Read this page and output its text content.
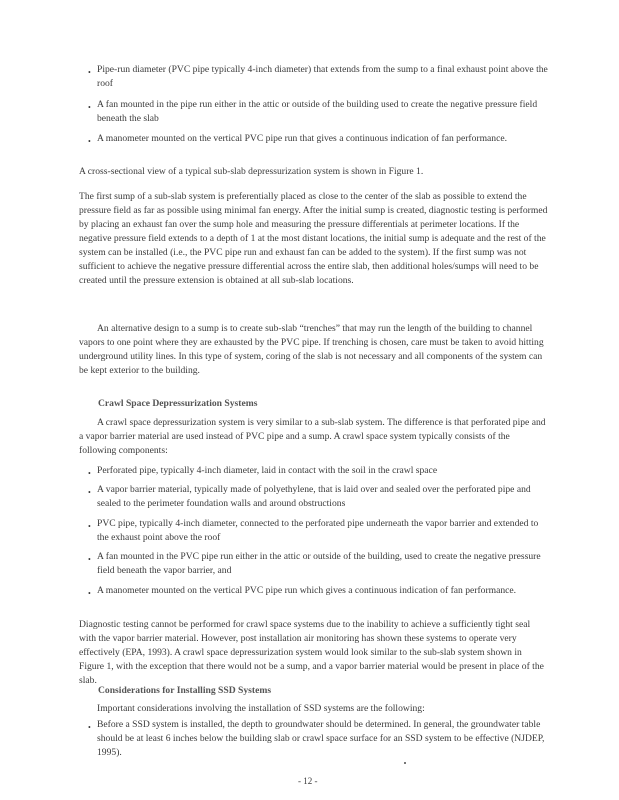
• Pipe-run diameter (PVC pipe typically 4-inch diameter) that extends from the sump to a final exhaust point above the roof

• A fan mounted in the pipe run either in the attic or outside of the building used to create the negative pressure field beneath the slab

• A manometer mounted on the vertical PVC pipe run that gives a continuous indication of fan performance.

A cross-sectional view of a typical sub-slab depressurization system is shown in Figure 1.

The first sump of a sub-slab system is preferentially placed as close to the center of the slab as possible to extend the pressure field as far as possible using minimal fan energy. After the initial sump is created, diagnostic testing is performed by placing an exhaust fan over the sump hole and measuring the pressure differentials at perimeter locations. If the negative pressure field extends to a depth of 1 at the most distant locations, the initial sump is adequate and the rest of the system can be installed (i.e., the PVC pipe run and exhaust fan can be added to the system). If the first sump was not sufficient to achieve the negative pressure differential across the entire slab, then additional holes/sumps will need to be created until the pressure extension is obtained at all sub-slab locations.

An alternative design to a sump is to create sub-slab “trenches” that may run the length of the building to channel vapors to one point where they are exhausted by the PVC pipe. If trenching is chosen, care must be taken to avoid hitting underground utility lines. In this type of system, coring of the slab is not necessary and all components of the system can be kept exterior to the building.

Crawl Space Depressurization Systems

A crawl space depressurization system is very similar to a sub-slab system. The difference is that perforated pipe and a vapor barrier material are used instead of PVC pipe and a sump. A crawl space system typically consists of the following components:

• Perforated pipe, typically 4-inch diameter, laid in contact with the soil in the crawl space

• A vapor barrier material, typically made of polyethylene, that is laid over and sealed over the perforated pipe and sealed to the perimeter foundation walls and around obstructions

• PVC pipe, typically 4-inch diameter, connected to the perforated pipe underneath the vapor barrier and extended to the exhaust point above the roof

• A fan mounted in the PVC pipe run either in the attic or outside of the building, used to create the negative pressure field beneath the vapor barrier, and

• A manometer mounted on the vertical PVC pipe run which gives a continuous indication of fan performance.

Diagnostic testing cannot be performed for crawl space systems due to the inability to achieve a sufficiently tight seal with the vapor barrier material. However, post installation air monitoring has shown these systems to operate very effectively (EPA, 1993). A crawl space depressurization system would look similar to the sub-slab system shown in Figure 1, with the exception that there would not be a sump, and a vapor barrier material would be present in place of the slab.

Considerations for Installing SSD Systems

Important considerations involving the installation of SSD systems are the following:

• Before a SSD system is installed, the depth to groundwater should be determined. In general, the groundwater table should be at least 6 inches below the building slab or crawl space surface for an SSD system to be effective (NJDEP, 1995).

- 12 -
